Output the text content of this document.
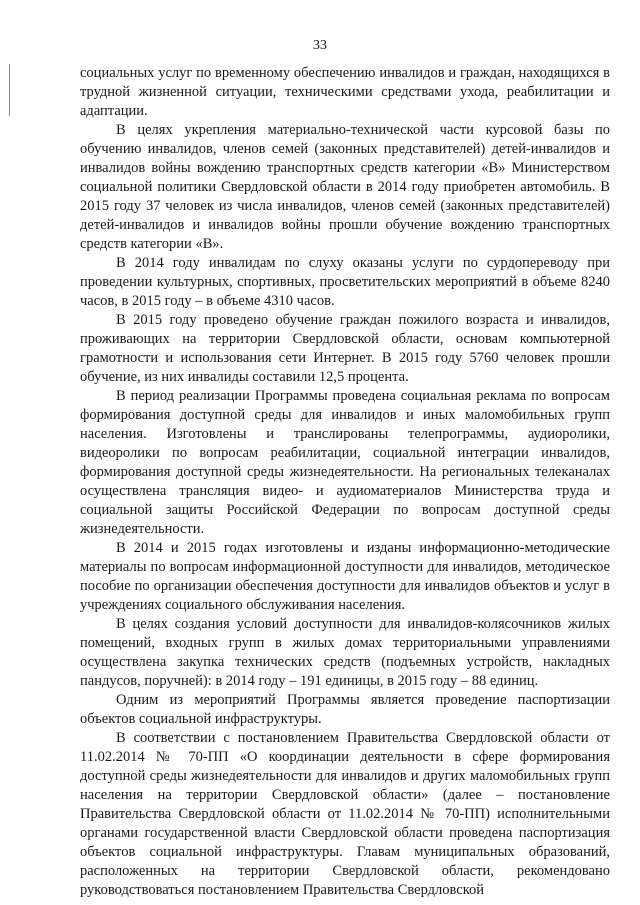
33

социальных услуг по временному обеспечению инвалидов и граждан, находящихся в трудной жизненной ситуации, техническими средствами ухода, реабилитации и адаптации.

В целях укрепления материально-технической части курсовой базы по обучению инвалидов, членов семей (законных представителей) детей-инвалидов и инвалидов войны вождению транспортных средств категории «В» Министерством социальной политики Свердловской области в 2014 году приобретен автомобиль. В 2015 году 37 человек из числа инвалидов, членов семей (законных представителей) детей-инвалидов и инвалидов войны прошли обучение вождению транспортных средств категории «В».

В 2014 году инвалидам по слуху оказаны услуги по сурдопереводу при проведении культурных, спортивных, просветительских мероприятий в объеме 8240 часов, в 2015 году – в объеме 4310 часов.

В 2015 году проведено обучение граждан пожилого возраста и инвалидов, проживающих на территории Свердловской области, основам компьютерной грамотности и использования сети Интернет. В 2015 году 5760 человек прошли обучение, из них инвалиды составили 12,5 процента.

В период реализации Программы проведена социальная реклама по вопросам формирования доступной среды для инвалидов и иных маломобильных групп населения. Изготовлены и транслированы телепрограммы, аудиоролики, видеоролики по вопросам реабилитации, социальной интеграции инвалидов, формирования доступной среды жизнедеятельности. На региональных телеканалах осуществлена трансляция видео- и аудиоматериалов Министерства труда и социальной защиты Российской Федерации по вопросам доступной среды жизнедеятельности.

В 2014 и 2015 годах изготовлены и изданы информационно-методические материалы по вопросам информационной доступности для инвалидов, методическое пособие по организации обеспечения доступности для инвалидов объектов и услуг в учреждениях социального обслуживания населения.

В целях создания условий доступности для инвалидов-колясочников жилых помещений, входных групп в жилых домах территориальными управлениями осуществлена закупка технических средств (подъемных устройств, накладных пандусов, поручней): в 2014 году – 191 единицы, в 2015 году – 88 единиц.

Одним из мероприятий Программы является проведение паспортизации объектов социальной инфраструктуры.

В соответствии с постановлением Правительства Свердловской области от 11.02.2014 № 70-ПП «О координации деятельности в сфере формирования доступной среды жизнедеятельности для инвалидов и других маломобильных групп населения на территории Свердловской области» (далее – постановление Правительства Свердловской области от 11.02.2014 № 70-ПП) исполнительными органами государственной власти Свердловской области проведена паспортизация объектов социальной инфраструктуры. Главам муниципальных образований, расположенных на территории Свердловской области, рекомендовано руководствоваться постановлением Правительства Свердловской
